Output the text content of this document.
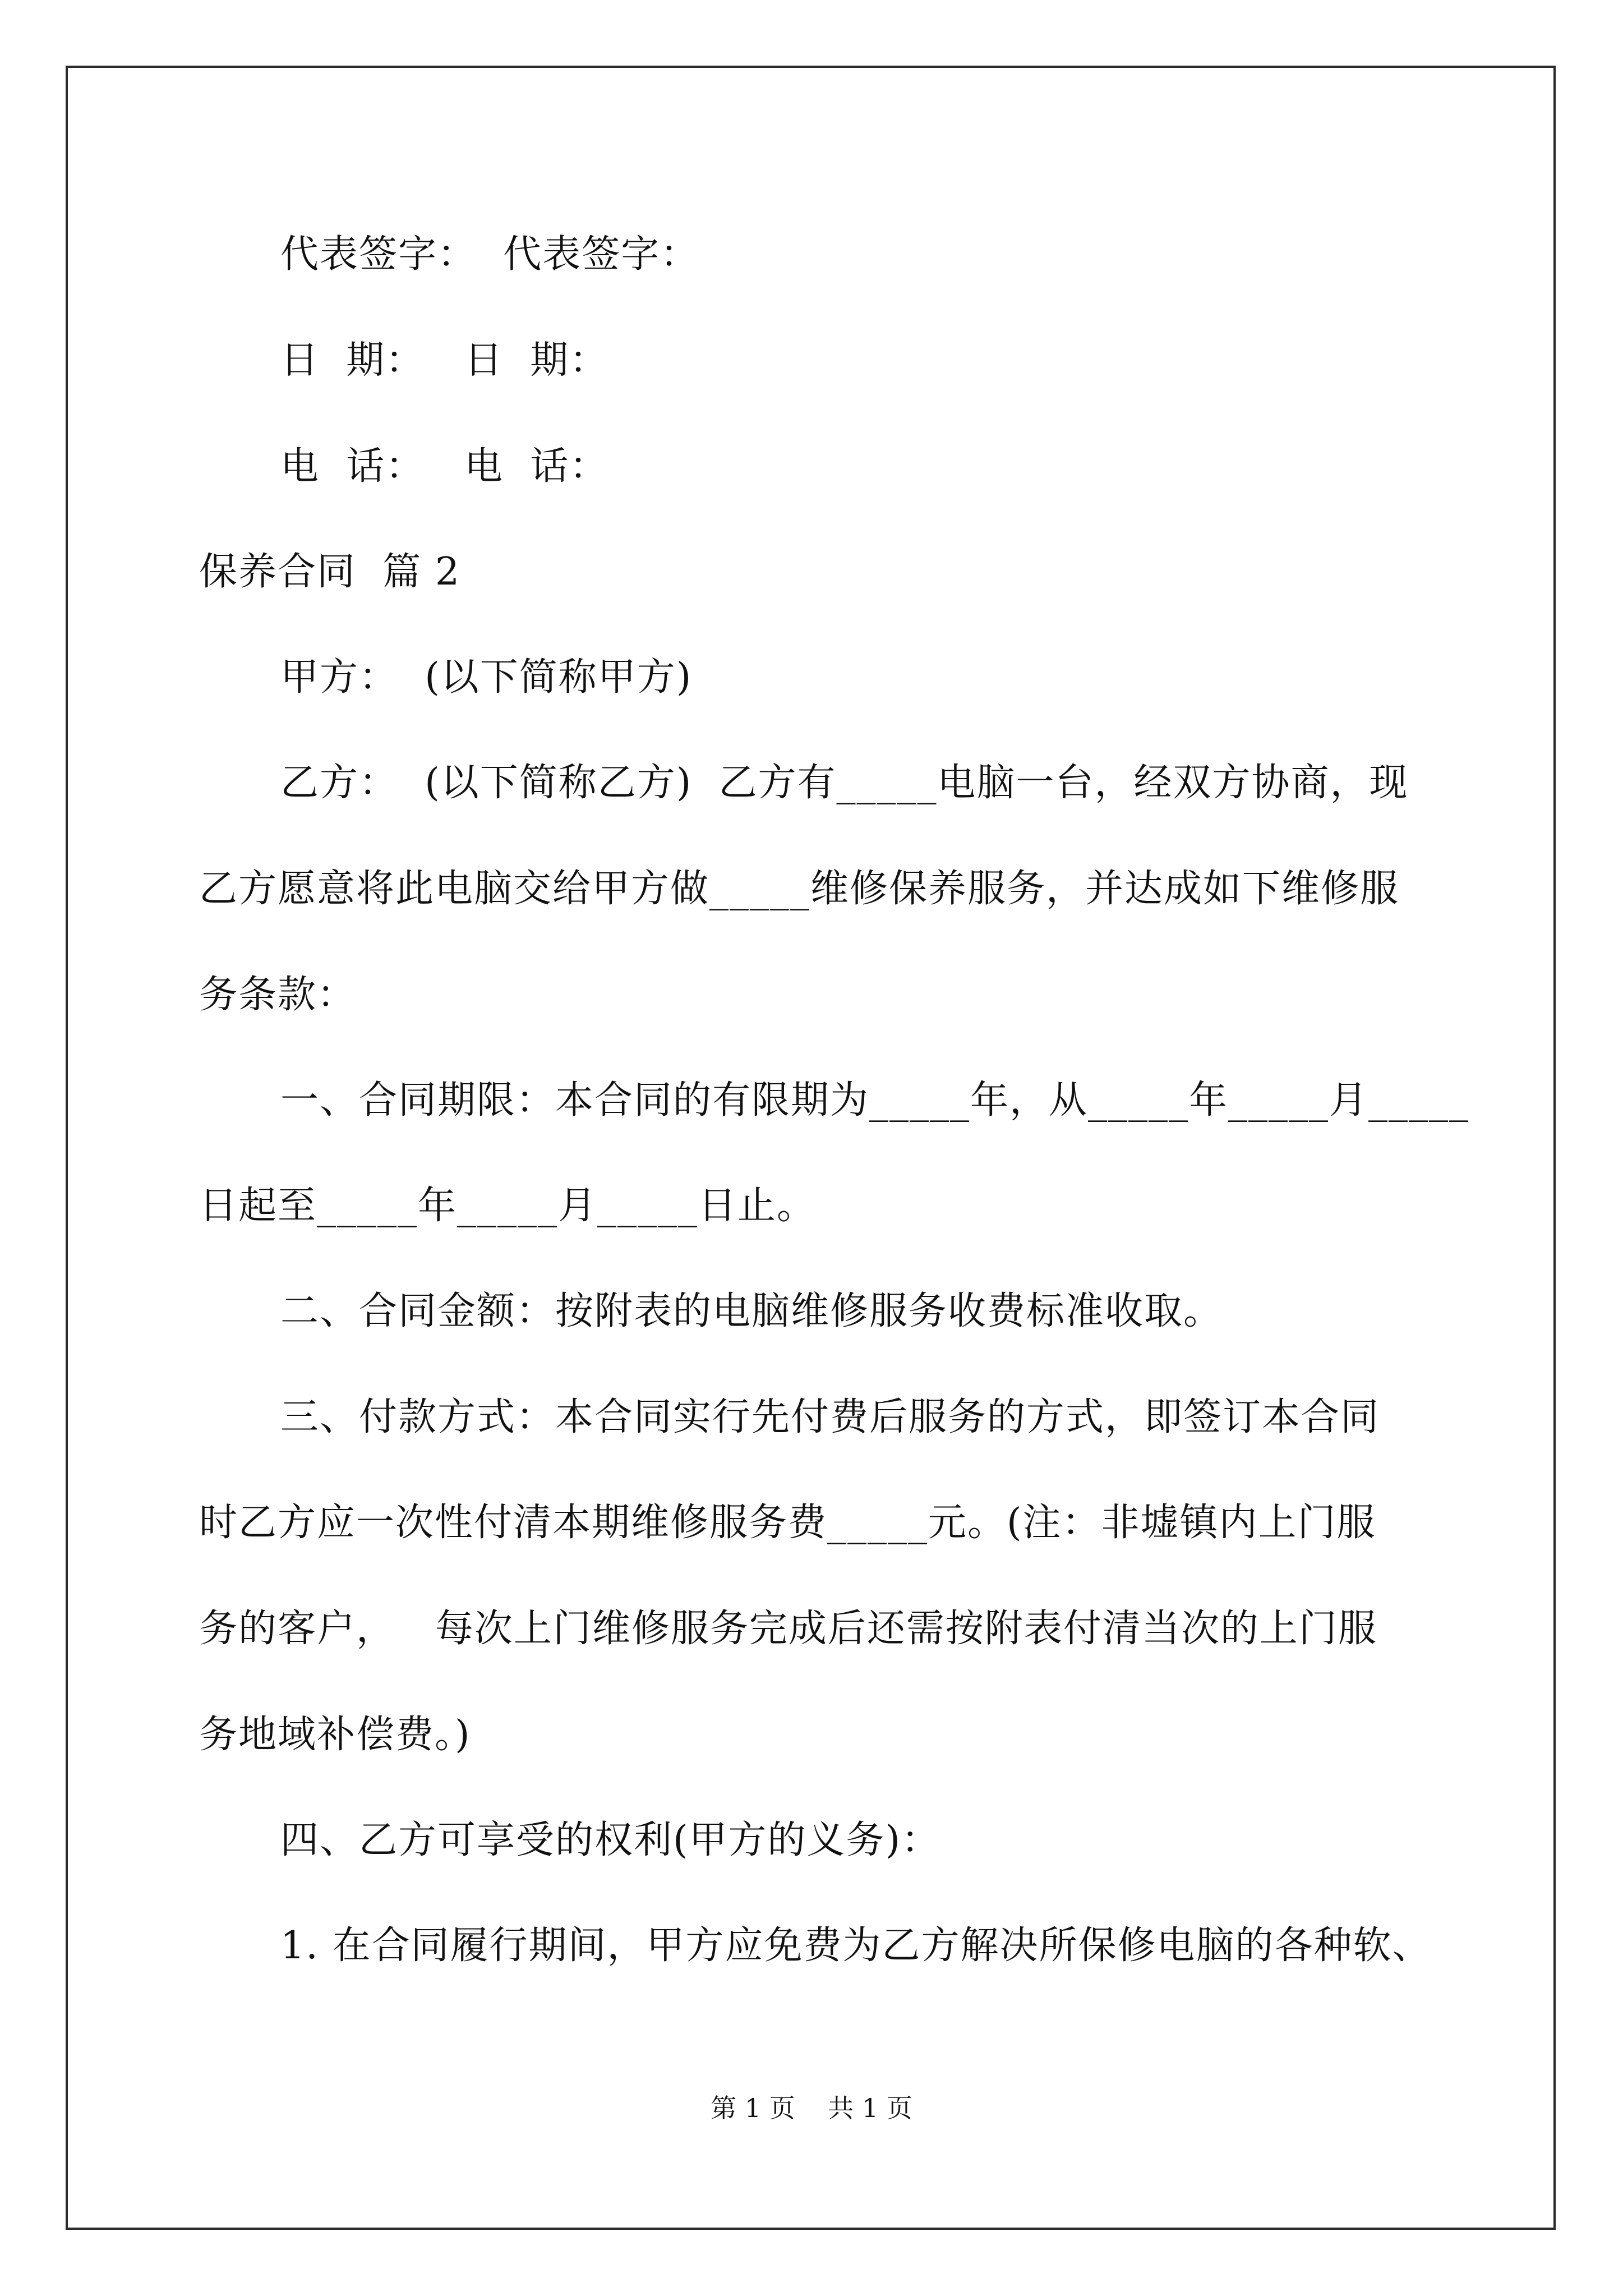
代表签字：  代表签字：
日  期：   日  期：
电  话：   电  话：
保养合同  篇 2
甲方：  (以下简称甲方)
乙方：  (以下简称乙方)  乙方有_____电脑一台，经双方协商，现
乙方愿意将此电脑交给甲方做_____维修保养服务，并达成如下维修服
务条款：
一、合同期限：本合同的有限期为_____年，从_____年_____月_____
日起至_____年_____月_____日止。
二、合同金额：按附表的电脑维修服务收费标准收取。
三、付款方式：本合同实行先付费后服务的方式，即签订本合同
时乙方应一次性付清本期维修服务费_____元。(注：非墟镇内上门服
务的客户，   每次上门维修服务完成后还需按附表付清当次的上门服
务地域补偿费。)
四、乙方可享受的权利(甲方的义务)：
1. 在合同履行期间，甲方应免费为乙方解决所保修电脑的各种软、
第 1 页    共 1 页
